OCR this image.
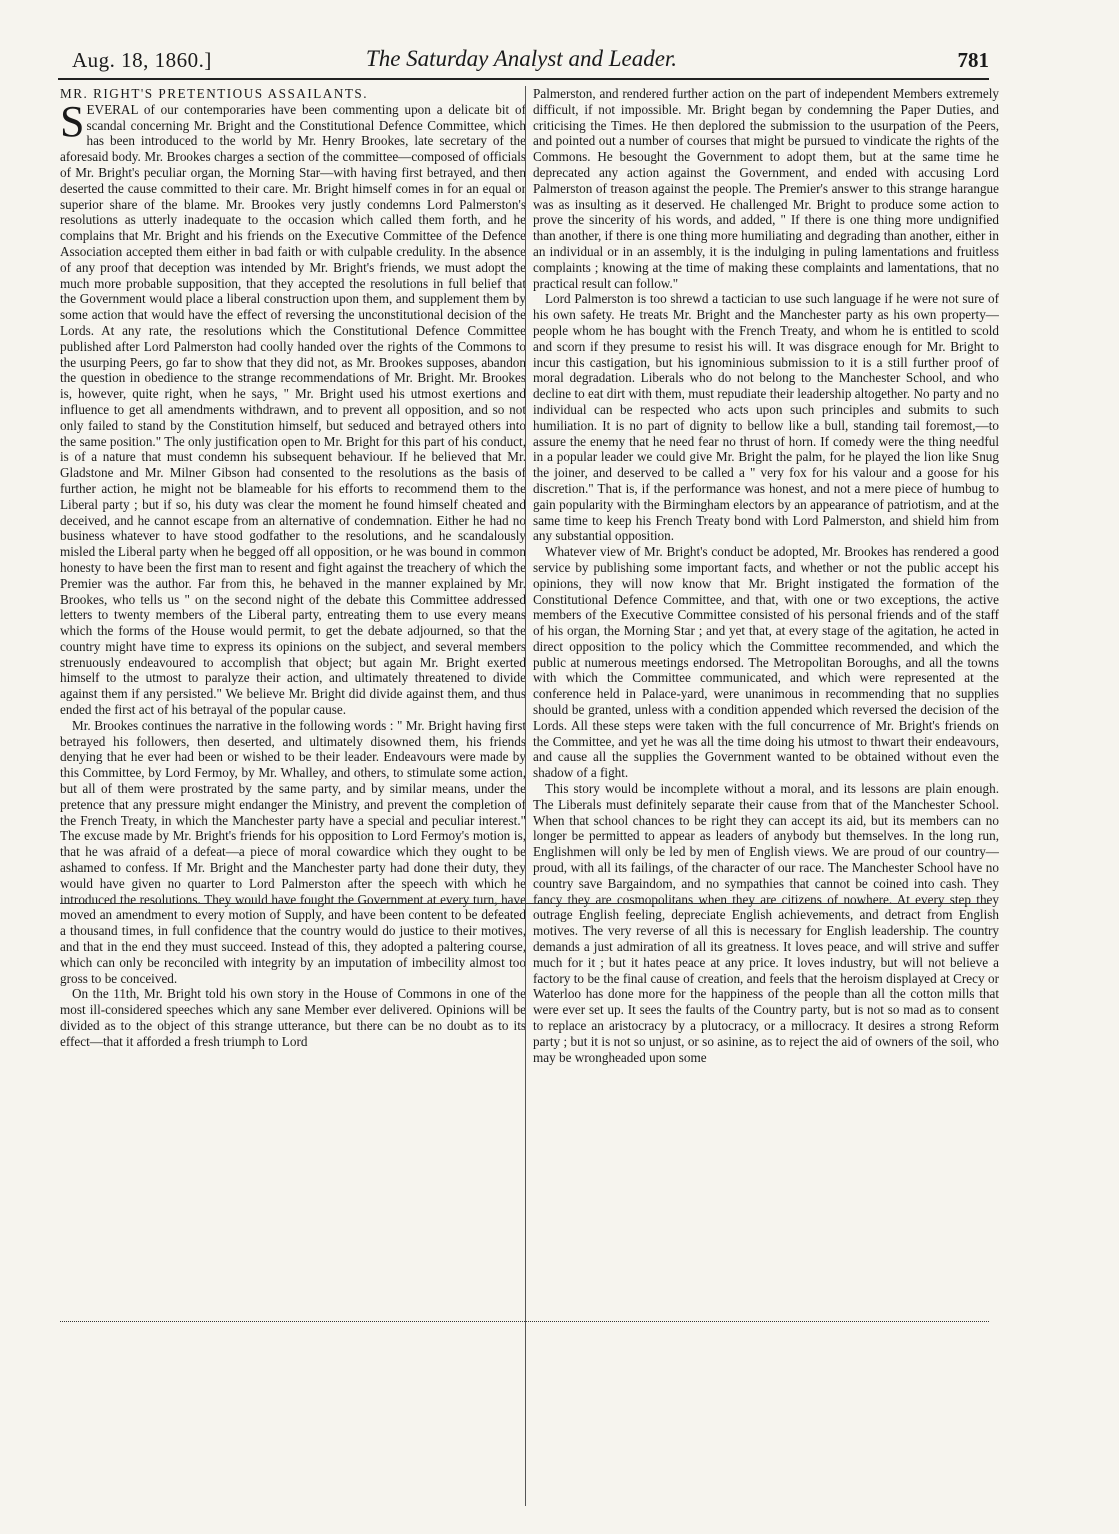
Aug. 18, 1860.]	The Saturday Analyst and Leader.	781

MR. RIGHT'S PRETENTIOUS ASSAILANTS.

SEVERAL of our contemporaries have been commenting upon a delicate bit of scandal concerning Mr. Bright and the Constitutional Defence Committee, which has been introduced to the world by Mr. Henry Brookes, late secretary of the aforesaid body. Mr. Brookes charges a section of the committee—composed of officials of Mr. Bright's peculiar organ, the Morning Star—with having first betrayed, and then deserted the cause committed to their care. Mr. Bright himself comes in for an equal or superior share of the blame. Mr. Brookes very justly condemns Lord Palmerston's resolutions as utterly inadequate to the occasion which called them forth, and he complains that Mr. Bright and his friends on the Executive Committee of the Defence Association accepted them either in bad faith or with culpable credulity. In the absence of any proof that deception was intended by Mr. Bright's friends, we must adopt the much more probable supposition, that they accepted the resolutions in full belief that the Government would place a liberal construction upon them, and supplement them by some action that would have the effect of reversing the unconstitutional decision of the Lords. At any rate, the resolutions which the Constitutional Defence Committee published after Lord Palmerston had coolly handed over the rights of the Commons to the usurping Peers, go far to show that they did not, as Mr. Brookes supposes, abandon the question in obedience to the strange recommendations of Mr. Bright. Mr. Brookes is, however, quite right, when he says, " Mr. Bright used his utmost exertions and influence to get all amendments withdrawn, and to prevent all opposition, and so not only failed to stand by the Constitution himself, but seduced and betrayed others into the same position." The only justification open to Mr. Bright for this part of his conduct, is of a nature that must condemn his subsequent behaviour. If he believed that Mr. Gladstone and Mr. Milner Gibson had consented to the resolutions as the basis of further action, he might not be blameable for his efforts to recommend them to the Liberal party ; but if so, his duty was clear the moment he found himself cheated and deceived, and he cannot escape from an alternative of condemnation. Either he had no business whatever to have stood godfather to the resolutions, and he scandalously misled the Liberal party when he begged off all opposition, or he was bound in common honesty to have been the first man to resent and fight against the treachery of which the Premier was the author. Far from this, he behaved in the manner explained by Mr. Brookes, who tells us " on the second night of the debate this Committee addressed letters to twenty members of the Liberal party, entreating them to use every means which the forms of the House would permit, to get the debate adjourned, so that the country might have time to express its opinions on the subject, and several members strenuously endeavoured to accomplish that object; but again Mr. Bright exerted himself to the utmost to paralyze their action, and ultimately threatened to divide against them if any persisted." We believe Mr. Bright did divide against them, and thus ended the first act of his betrayal of the popular cause.

Mr. Brookes continues the narrative in the following words : " Mr. Bright having first betrayed his followers, then deserted, and ultimately disowned them, his friends denying that he ever had been or wished to be their leader. Endeavours were made by this Committee, by Lord Fermoy, by Mr. Whalley, and others, to stimulate some action, but all of them were prostrated by the same party, and by similar means, under the pretence that any pressure might endanger the Ministry, and prevent the completion of the French Treaty, in which the Manchester party have a special and peculiar interest." The excuse made by Mr. Bright's friends for his opposition to Lord Fermoy's motion is, that he was afraid of a defeat—a piece of moral cowardice which they ought to be ashamed to confess. If Mr. Bright and the Manchester party had done their duty, they would have given no quarter to Lord Palmerston after the speech with which he introduced the resolutions. They would have fought the Government at every turn, have moved an amendment to every motion of Supply, and have been content to be defeated a thousand times, in full confidence that the country would do justice to their motives, and that in the end they must succeed. Instead of this, they adopted a paltering course, which can only be reconciled with integrity by an imputation of imbecility almost too gross to be conceived.

On the 11th, Mr. Bright told his own story in the House of Commons in one of the most ill-considered speeches which any sane Member ever delivered. Opinions will be divided as to the object of this strange utterance, but there can be no doubt as to its effect—that it afforded a fresh triumph to Lord

Palmerston, and rendered further action on the part of independent Members extremely difficult, if not impossible. Mr. Bright began by condemning the Paper Duties, and criticising the Times. He then deplored the submission to the usurpation of the Peers, and pointed out a number of courses that might be pursued to vindicate the rights of the Commons. He besought the Government to adopt them, but at the same time he deprecated any action against the Government, and ended with accusing Lord Palmerston of treason against the people. The Premier's answer to this strange harangue was as insulting as it deserved. He challenged Mr. Bright to produce some action to prove the sincerity of his words, and added, " If there is one thing more undignified than another, if there is one thing more humiliating and degrading than another, either in an individual or in an assembly, it is the indulging in puling lamentations and fruitless complaints ; knowing at the time of making these complaints and lamentations, that no practical result can follow."

Lord Palmerston is too shrewd a tactician to use such language if he were not sure of his own safety. He treats Mr. Bright and the Manchester party as his own property—people whom he has bought with the French Treaty, and whom he is entitled to scold and scorn if they presume to resist his will. It was disgrace enough for Mr. Bright to incur this castigation, but his ignominious submission to it is a still further proof of moral degradation. Liberals who do not belong to the Manchester School, and who decline to eat dirt with them, must repudiate their leadership altogether. No party and no individual can be respected who acts upon such principles and submits to such humiliation. It is no part of dignity to bellow like a bull, standing tail foremost,—to assure the enemy that he need fear no thrust of horn. If comedy were the thing needful in a popular leader we could give Mr. Bright the palm, for he played the lion like Snug the joiner, and deserved to be called a " very fox for his valour and a goose for his discretion." That is, if the performance was honest, and not a mere piece of humbug to gain popularity with the Birmingham electors by an appearance of patriotism, and at the same time to keep his French Treaty bond with Lord Palmerston, and shield him from any substantial opposition.

Whatever view of Mr. Bright's conduct be adopted, Mr. Brookes has rendered a good service by publishing some important facts, and whether or not the public accept his opinions, they will now know that Mr. Bright instigated the formation of the Constitutional Defence Committee, and that, with one or two exceptions, the active members of the Executive Committee consisted of his personal friends and of the staff of his organ, the Morning Star ; and yet that, at every stage of the agitation, he acted in direct opposition to the policy which the Committee recommended, and which the public at numerous meetings endorsed. The Metropolitan Boroughs, and all the towns with which the Committee communicated, and which were represented at the conference held in Palace-yard, were unanimous in recommending that no supplies should be granted, unless with a condition appended which reversed the decision of the Lords. All these steps were taken with the full concurrence of Mr. Bright's friends on the Committee, and yet he was all the time doing his utmost to thwart their endeavours, and cause all the supplies the Government wanted to be obtained without even the shadow of a fight.

This story would be incomplete without a moral, and its lessons are plain enough. The Liberals must definitely separate their cause from that of the Manchester School. When that school chances to be right they can accept its aid, but its members can no longer be permitted to appear as leaders of anybody but themselves. In the long run, Englishmen will only be led by men of English views. We are proud of our country—proud, with all its failings, of the character of our race. The Manchester School have no country save Bargaindom, and no sympathies that cannot be coined into cash. They fancy they are cosmopolitans when they are citizens of nowhere. At every step they outrage English feeling, depreciate English achievements, and detract from English motives. The very reverse of all this is necessary for English leadership. The country demands a just admiration of all its greatness. It loves peace, and will strive and suffer much for it ; but it hates peace at any price. It loves industry, but will not believe a factory to be the final cause of creation, and feels that the heroism displayed at Crecy or Waterloo has done more for the happiness of the people than all the cotton mills that were ever set up. It sees the faults of the Country party, but is not so mad as to consent to replace an aristocracy by a plutocracy, or a millocracy. It desires a strong Reform party ; but it is not so unjust, or so asinine, as to reject the aid of owners of the soil, who may be wrongheaded upon some
